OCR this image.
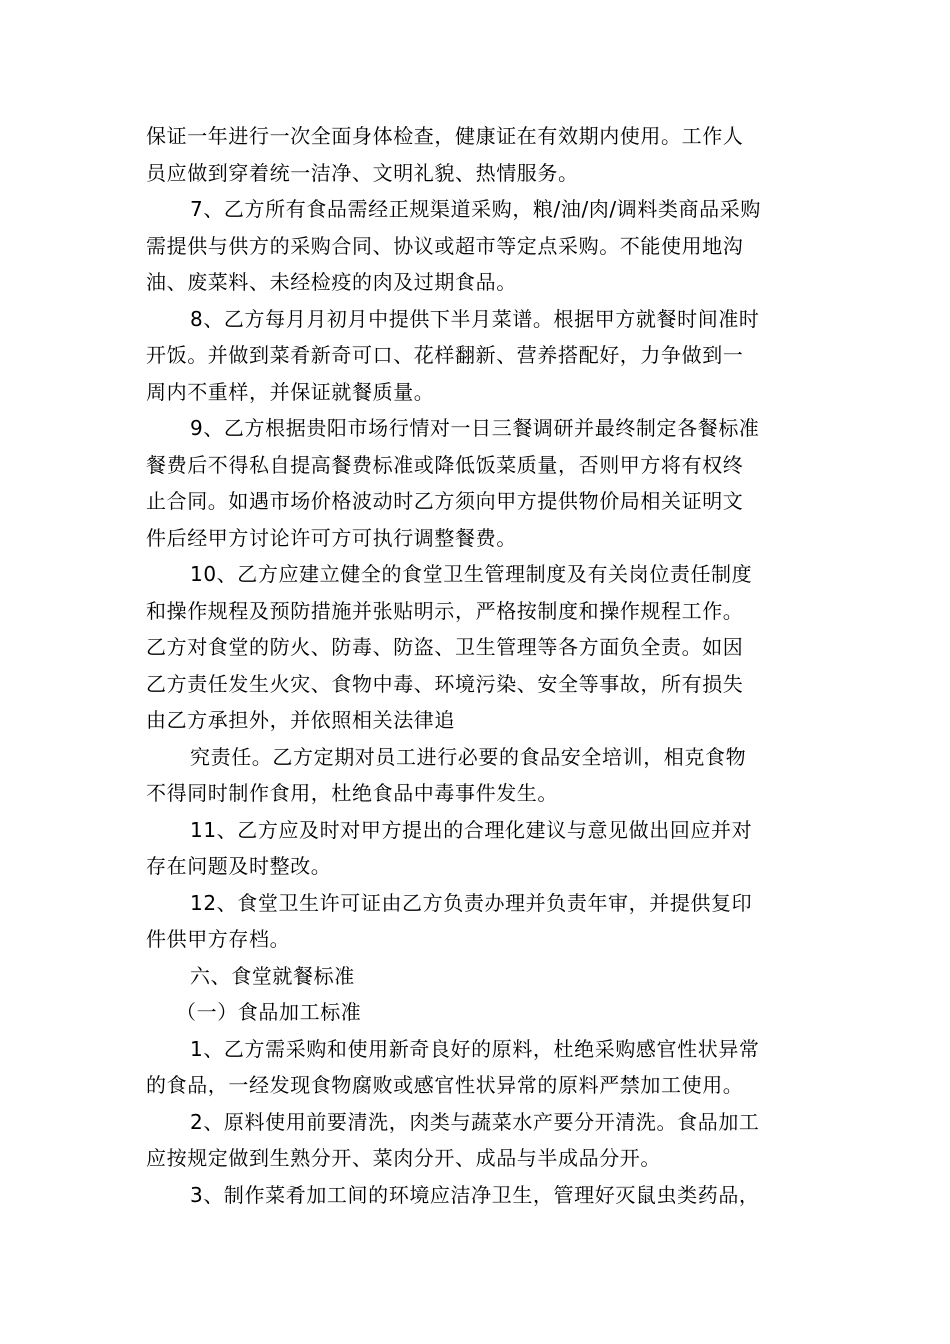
保证一年进行一次全面身体检查，健康证在有效期内使用。工作人
员应做到穿着统一洁净、文明礼貌、热情服务。
7、乙方所有食品需经正规渠道采购，粮/油/肉/调料类商品采购
需提供与供方的采购合同、协议或超市等定点采购。不能使用地沟
油、废菜料、未经检疫的肉及过期食品。
8、乙方每月月初月中提供下半月菜谱。根据甲方就餐时间准时
开饭。并做到菜肴新奇可口、花样翻新、营养搭配好，力争做到一
周内不重样，并保证就餐质量。
9、乙方根据贵阳市场行情对一日三餐调研并最终制定各餐标准
餐费后不得私自提高餐费标准或降低饭菜质量，否则甲方将有权终
止合同。如遇市场价格波动时乙方须向甲方提供物价局相关证明文
件后经甲方讨论许可方可执行调整餐费。
10、乙方应建立健全的食堂卫生管理制度及有关岗位责任制度
和操作规程及预防措施并张贴明示，严格按制度和操作规程工作。
乙方对食堂的防火、防毒、防盗、卫生管理等各方面负全责。如因
乙方责任发生火灾、食物中毒、环境污染、安全等事故，所有损失
由乙方承担外，并依照相关法律追
究责任。乙方定期对员工进行必要的食品安全培训，相克食物
不得同时制作食用，杜绝食品中毒事件发生。
11、乙方应及时对甲方提出的合理化建议与意见做出回应并对
存在问题及时整改。
12、食堂卫生许可证由乙方负责办理并负责年审，并提供复印
件供甲方存档。
六、食堂就餐标准
（一）食品加工标准
1、乙方需采购和使用新奇良好的原料，杜绝采购感官性状异常
的食品，一经发现食物腐败或感官性状异常的原料严禁加工使用。
2、原料使用前要清洗，肉类与蔬菜水产要分开清洗。食品加工
应按规定做到生熟分开、菜肉分开、成品与半成品分开。
3、制作菜肴加工间的环境应洁净卫生，管理好灭鼠虫类药品，
